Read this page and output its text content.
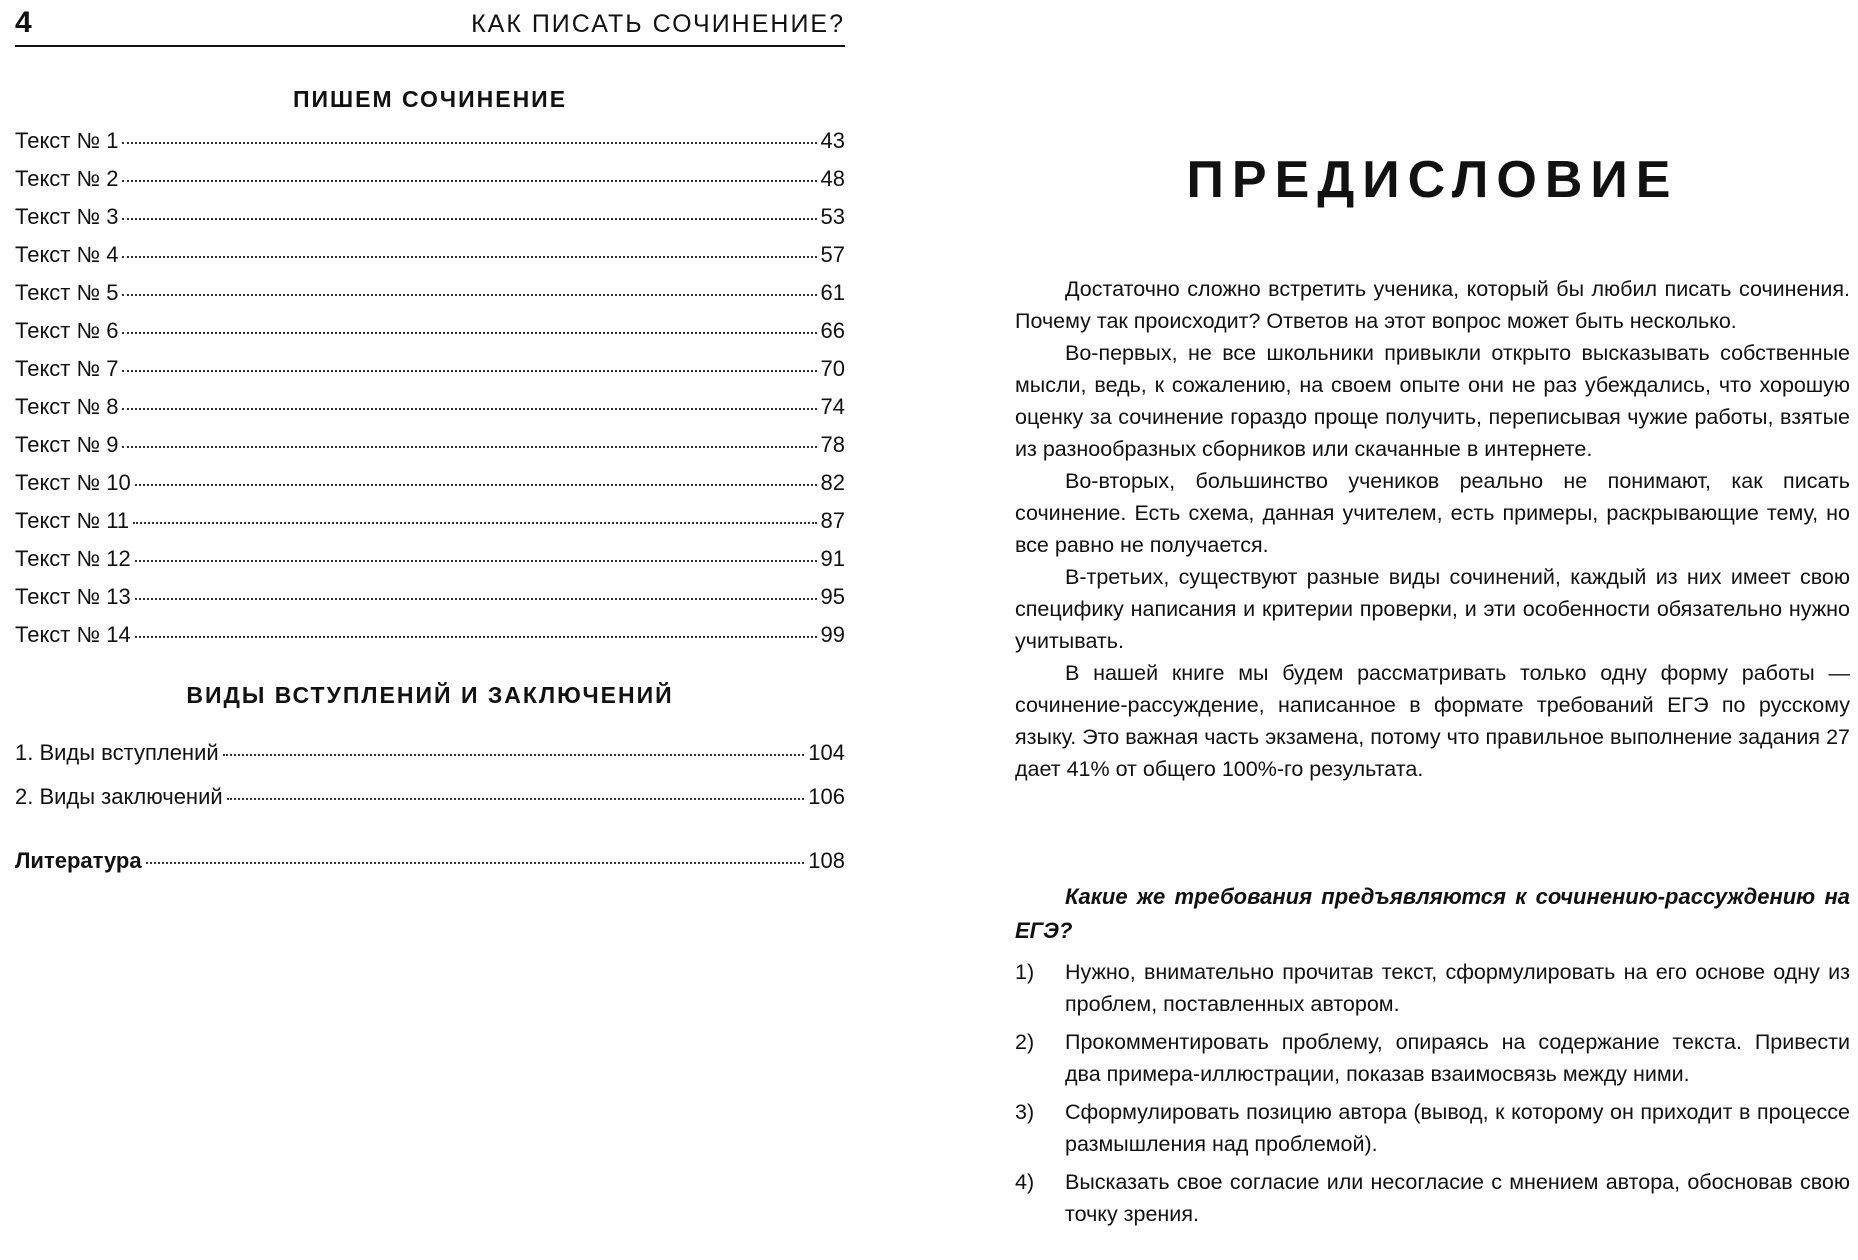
4	КАК ПИСАТЬ СОЧИНЕНИЕ?
ПИШЕМ СОЧИНЕНИЕ
Текст № 1	43
Текст № 2	48
Текст № 3	53
Текст № 4	57
Текст № 5	61
Текст № 6	66
Текст № 7	70
Текст № 8	74
Текст № 9	78
Текст № 10	82
Текст № 11	87
Текст № 12	91
Текст № 13	95
Текст № 14	99
ВИДЫ ВСТУПЛЕНИЙ И ЗАКЛЮЧЕНИЙ
1. Виды вступлений	104
2. Виды заключений	106
Литература	108
ПРЕДИСЛОВИЕ

Достаточно сложно встретить ученика, который бы любил писать сочинения. Почему так происходит? Ответов на этот вопрос может быть несколько.

Во-первых, не все школьники привыкли открыто высказывать собственные мысли, ведь, к сожалению, на своем опыте они не раз убеждались, что хорошую оценку за сочинение гораздо проще получить, переписывая чужие работы, взятые из разнообразных сборников или скачанные в интернете.

Во-вторых, большинство учеников реально не понимают, как писать сочинение. Есть схема, данная учителем, есть примеры, раскрывающие тему, но все равно не получается.

В-третьих, существуют разные виды сочинений, каждый из них имеет свою специфику написания и критерии проверки, и эти особенности обязательно нужно учитывать.

В нашей книге мы будем рассматривать только одну форму работы — сочинение-рассуждение, написанное в формате требований ЕГЭ по русскому языку. Это важная часть экзамена, потому что правильное выполнение задания 27 дает 41% от общего 100%-го результата.

Какие же требования предъявляются к сочинению-рассуждению на ЕГЭ?

1)	Нужно, внимательно прочитав текст, сформулировать на его основе одну из проблем, поставленных автором.
2)	Прокомментировать проблему, опираясь на содержание текста. Привести два примера-иллюстрации, показав взаимосвязь между ними.
3)	Сформулировать позицию автора (вывод, к которому он приходит в процессе размышления над проблемой).
4)	Высказать свое согласие или несогласие с мнением автора, обосновав свою точку зрения.
